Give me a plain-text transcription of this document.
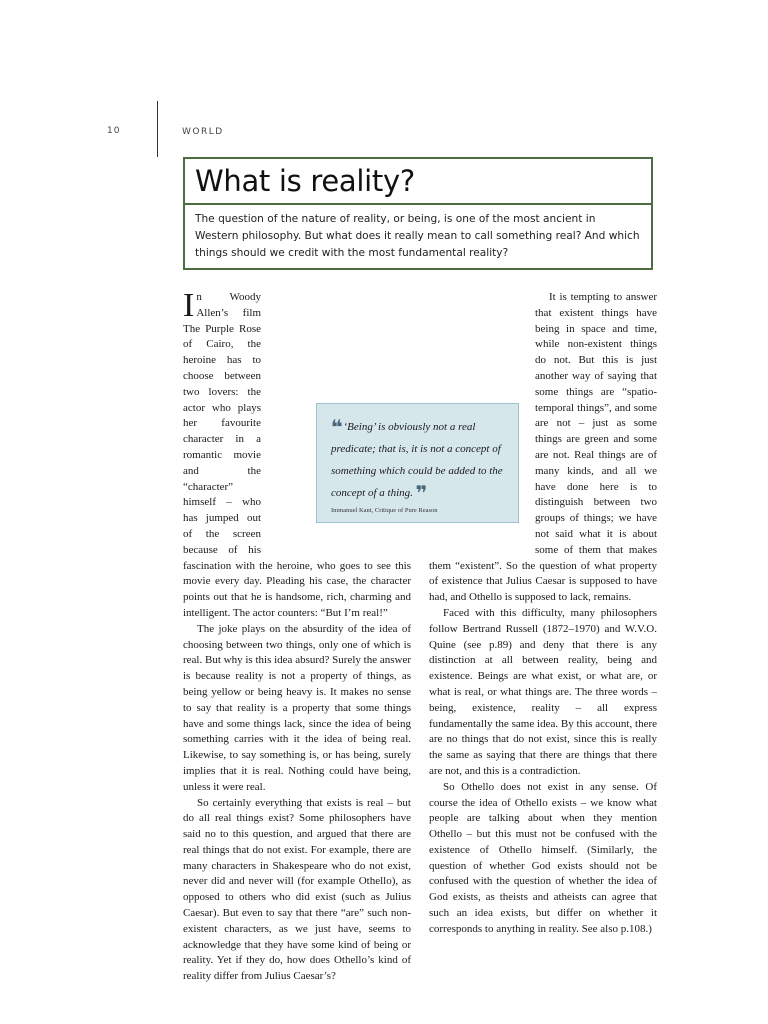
10	WORLD
What is reality?

The question of the nature of reality, or being, is one of the most ancient in Western philosophy. But what does it really mean to call something real? And which things should we credit with the most fundamental reality?

In Woody Allen’s film The Purple Rose of Cairo, the heroine has to choose between two lovers: the actor who plays her favourite character in a romantic movie and the “character” himself – who has jumped out of the screen because of his fascination with the heroine, who goes to see this movie every day. Pleading his case, the character points out that he is handsome, rich, charming and intelligent. The actor counters: “But I’m real!”

The joke plays on the absurdity of the idea of choosing between two things, only one of which is real. But why is this idea absurd? Surely the answer is because reality is not a property of things, as being yellow or being heavy is. It makes no sense to say that reality is a property that some things have and some things lack, since the idea of being something carries with it the idea of being real. Likewise, to say something is, or has being, surely implies that it is real. Nothing could have being, unless it were real.

So certainly everything that exists is real – but do all real things exist? Some philosophers have said no to this question, and argued that there are real things that do not exist. For example, there are many characters in Shakespeare who do not exist, never did and never will (for example Othello), as opposed to others who did exist (such as Julius Caesar). But even to say that there “are” such non-existent characters, as we just have, seems to acknowledge that they have some kind of being or reality. Yet if they do, how does Othello’s kind of reality differ from Julius Caesar’s?

It is tempting to answer that existent things have being in space and time, while non-existent things do not. But this is just another way of saying that some things are “spatio-temporal things”, and some are not – just as some things are green and some are not. Real things are of many kinds, and all we have done here is to distinguish between two groups of things; we have not said what it is about some of them that makes them “existent”. So the question of what property of existence that Julius Caesar is supposed to have had, and Othello is supposed to lack, remains.

Faced with this difficulty, many philosophers follow Bertrand Russell (1872–1970) and W.V.O. Quine (see p.89) and deny that there is any distinction at all between reality, being and existence. Beings are what exist, or what are, or what is real, or what things are. The three words – being, existence, reality – all express fundamentally the same idea. By this account, there are no things that do not exist, since this is really the same as saying that there are things that there are not, and this is a contradiction.

So Othello does not exist in any sense. Of course the idea of Othello exists – we know what people are talking about when they mention Othello – but this must not be confused with the existence of Othello himself. (Similarly, the question of whether God exists should not be confused with the question of whether the idea of God exists, as theists and atheists can agree that such an idea exists, but differ on whether it corresponds to anything in reality. See also p.108.)

❝ ‘Being’ is obviously not a real predicate; that is, it is not a concept of something which could be added to the concept of a thing. ❞

Immanuel Kant, Critique of Pure Reason
